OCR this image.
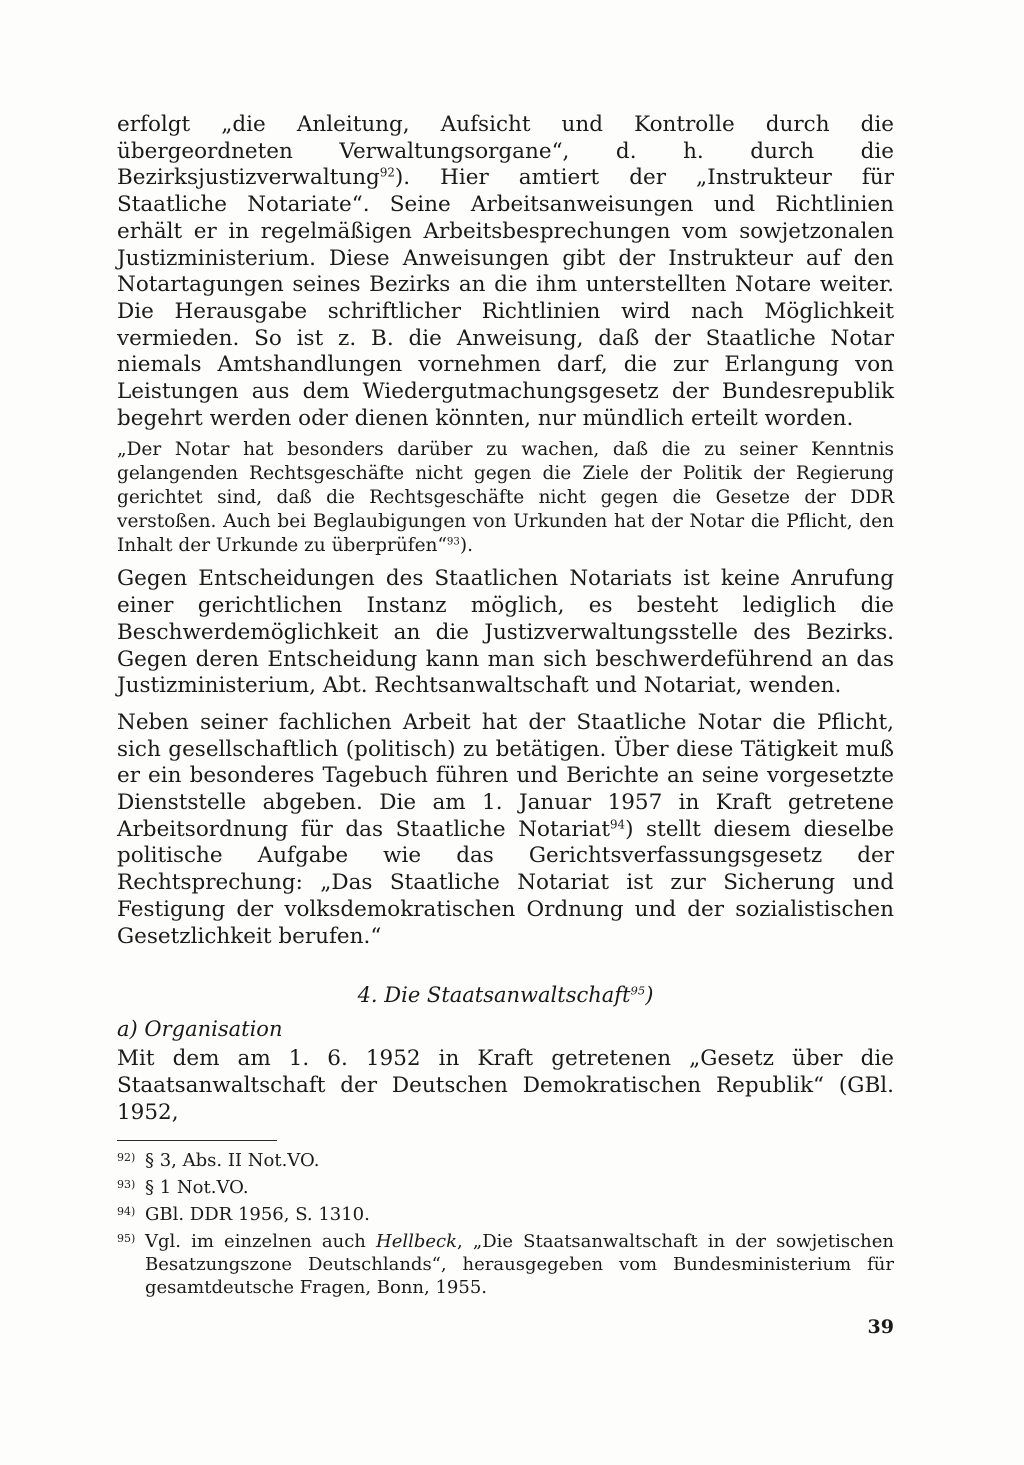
erfolgt „die Anleitung, Aufsicht und Kontrolle durch die übergeordneten Verwaltungsorgane“, d. h. durch die Bezirksjustizverwaltung$^{92}$). Hier amtiert der „Instrukteur für Staatliche Notariate“. Seine Arbeitsanweisungen und Richtlinien erhält er in regelmäßigen Arbeitsbesprechungen vom sowjetzonalen Justizministerium. Diese Anweisungen gibt der Instrukteur auf den Notartagungen seines Bezirks an die ihm unterstellten Notare weiter. Die Herausgabe schriftlicher Richtlinien wird nach Möglichkeit vermieden. So ist z. B. die Anweisung, daß der Staatliche Notar niemals Amtshandlungen vornehmen darf, die zur Erlangung von Leistungen aus dem Wiedergutmachungsgesetz der Bundesrepublik begehrt werden oder dienen könnten, nur mündlich erteilt worden.

„Der Notar hat besonders darüber zu wachen, daß die zu seiner Kenntnis gelangenden Rechtsgeschäfte nicht gegen die Ziele der Politik der Regierung gerichtet sind, daß die Rechtsgeschäfte nicht gegen die Gesetze der DDR verstoßen. Auch bei Beglaubigungen von Urkunden hat der Notar die Pflicht, den Inhalt der Urkunde zu überprüfen“$^{93}$).

Gegen Entscheidungen des Staatlichen Notariats ist keine Anrufung einer gerichtlichen Instanz möglich, es besteht lediglich die Beschwerdemöglichkeit an die Justizverwaltungsstelle des Bezirks. Gegen deren Entscheidung kann man sich beschwerdeführend an das Justizministerium, Abt. Rechtsanwaltschaft und Notariat, wenden.

Neben seiner fachlichen Arbeit hat der Staatliche Notar die Pflicht, sich gesellschaftlich (politisch) zu betätigen. Über diese Tätigkeit muß er ein besonderes Tagebuch führen und Berichte an seine vorgesetzte Dienststelle abgeben. Die am 1. Januar 1957 in Kraft getretene Arbeitsordnung für das Staatliche Notariat$^{94}$) stellt diesem dieselbe politische Aufgabe wie das Gerichtsverfassungsgesetz der Rechtsprechung: „Das Staatliche Notariat ist zur Sicherung und Festigung der volksdemokratischen Ordnung und der sozialistischen Gesetzlichkeit berufen.“

4. Die Staatsanwaltschaft$^{95}$)
a) Organisation

Mit dem am 1. 6. 1952 in Kraft getretenen „Gesetz über die Staatsanwaltschaft der Deutschen Demokratischen Republik“ (GBl. 1952,

92) § 3, Abs. II Not.VO.
93) § 1 Not.VO.
94) GBl. DDR 1956, S. 1310.
95) Vgl. im einzelnen auch Hellbeck, „Die Staatsanwaltschaft in der sowjetischen Besatzungszone Deutschlands“, herausgegeben vom Bundesministerium für gesamtdeutsche Fragen, Bonn, 1955.
39
